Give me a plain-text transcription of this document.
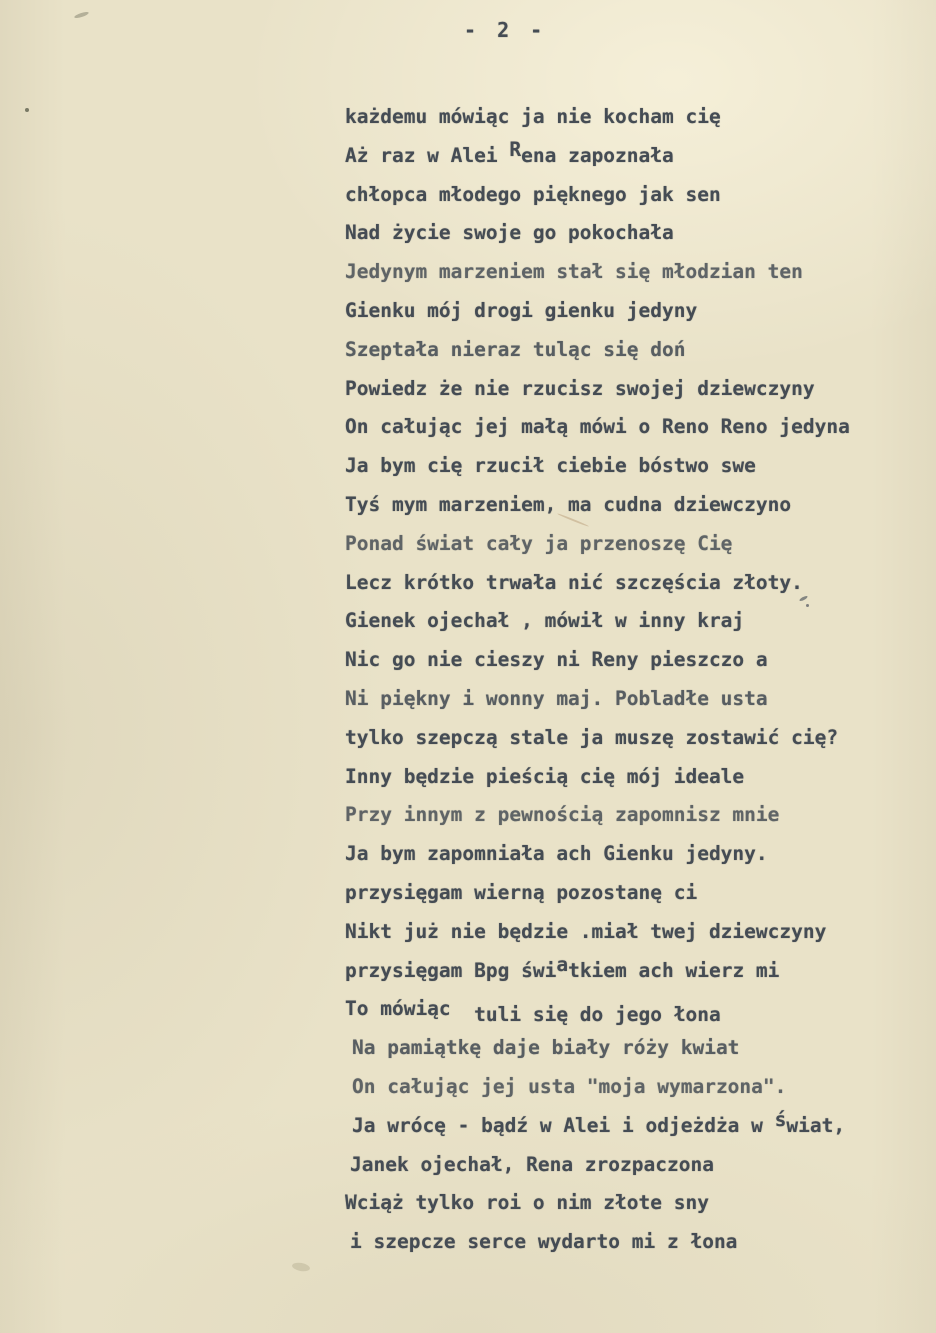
- 2 -
każdemu mówiąc ja nie kocham cię
Aż raz w Alei Rena zapoznała
chłopca młodego pięknego jak sen
Nad życie swoje go pokochała
Jedynym marzeniem stał się młodzian ten
Gienku mój drogi gienku jedyny
Szeptała nieraz tuląc się doń
Powiedz że nie rzucisz swojej dziewczyny
On całując jej małą mówi o Reno Reno jedyna
Ja bym cię rzucił ciebie bóstwo swe
Tyś mym marzeniem, ma cudna dziewczyno
Ponad świat cały ja przenoszę Cię
Lecz krótko trwała nić szczęścia złoty.
Gienek ojechał , mówił w inny kraj
Nic go nie cieszy ni Reny pieszczo a
Ni piękny i wonny maj. Pobladłe usta
tylko szepczą stale ja muszę zostawić cię?
Inny będzie pieścią cię mój ideale
Przy innym z pewnością zapomnisz mnie
Ja bym zapomniała ach Gienku jedyny.
przysięgam wierną pozostanę ci
Nikt już nie będzie .miał twej dziewczyny
przysięgam Bpg światkiem ach wierz mi
To mówiąc  tuli się do jego łona
Na pamiątkę daje biały róży kwiat
On całując jej usta "moja wymarzona".
Ja wrócę - bądź w Alei i odjeżdża w świat,
Janek ojechał, Rena zrozpaczona
Wciąż tylko roi o nim złote sny
i szepcze serce wydarto mi z łona
